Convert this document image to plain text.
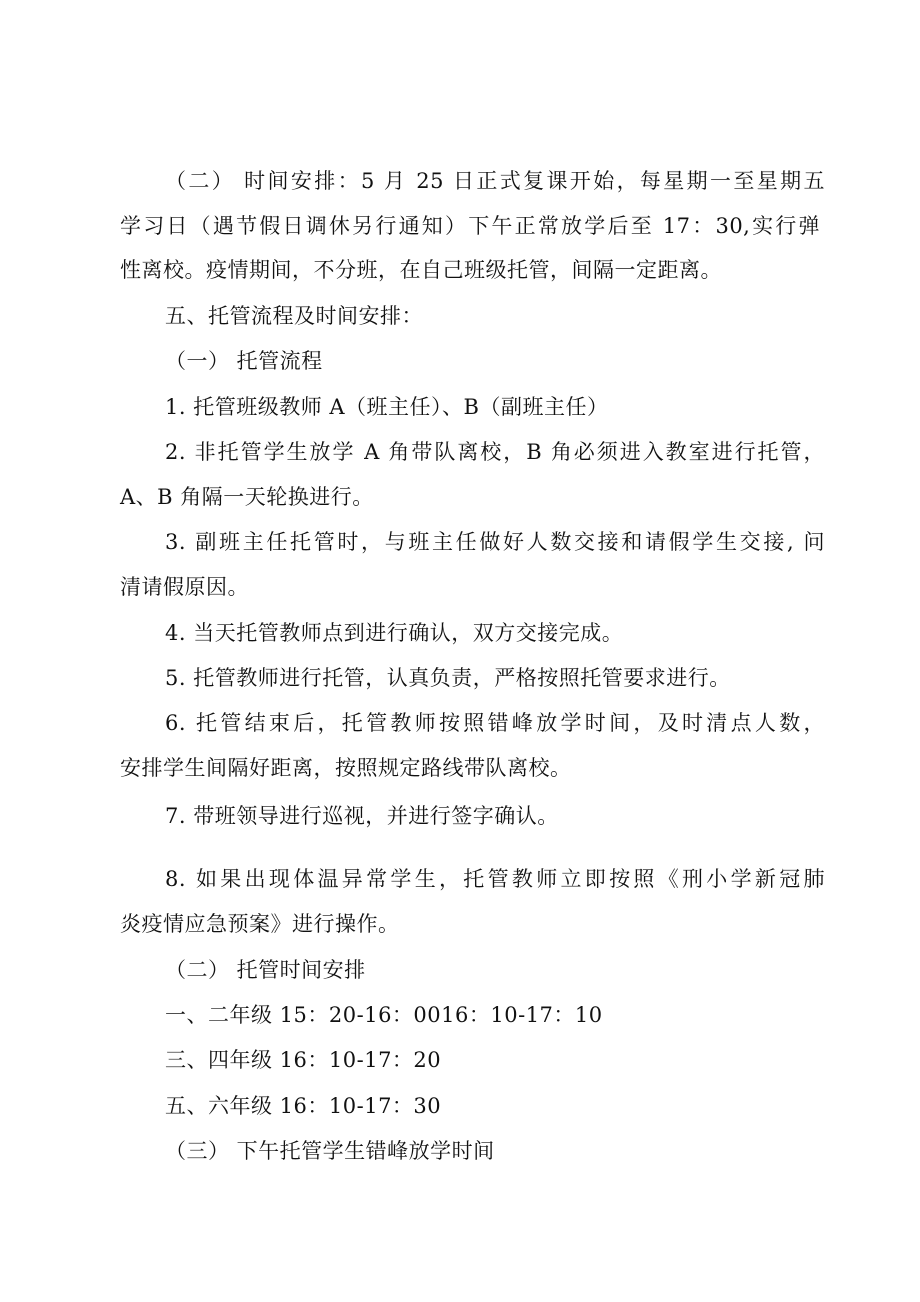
（二） 时间安排：5 月 25 日正式复课开始，每星期一至星期五
学习日（遇节假日调休另行通知）下午正常放学后至 17：30,实行弹
性离校。疫情期间，不分班，在自己班级托管，间隔一定距离。
五、托管流程及时间安排：
（一） 托管流程
1. 托管班级教师 A（班主任）、B（副班主任）
2. 非托管学生放学 A 角带队离校，B 角必须进入教室进行托管，
A、B 角隔一天轮换进行。
3. 副班主任托管时，与班主任做好人数交接和请假学生交接, 问
清请假原因。
4. 当天托管教师点到进行确认，双方交接完成。
5. 托管教师进行托管，认真负责，严格按照托管要求进行。
6. 托管结束后，托管教师按照错峰放学时间，及时清点人数，
安排学生间隔好距离，按照规定路线带队离校。
7. 带班领导进行巡视，并进行签字确认。
8. 如果出现体温异常学生，托管教师立即按照《刑小学新冠肺
炎疫情应急预案》进行操作。
（二） 托管时间安排
一、二年级 15：20-16：0016：10-17：10
三、四年级 16：10-17：20
五、六年级 16：10-17：30
（三） 下午托管学生错峰放学时间
